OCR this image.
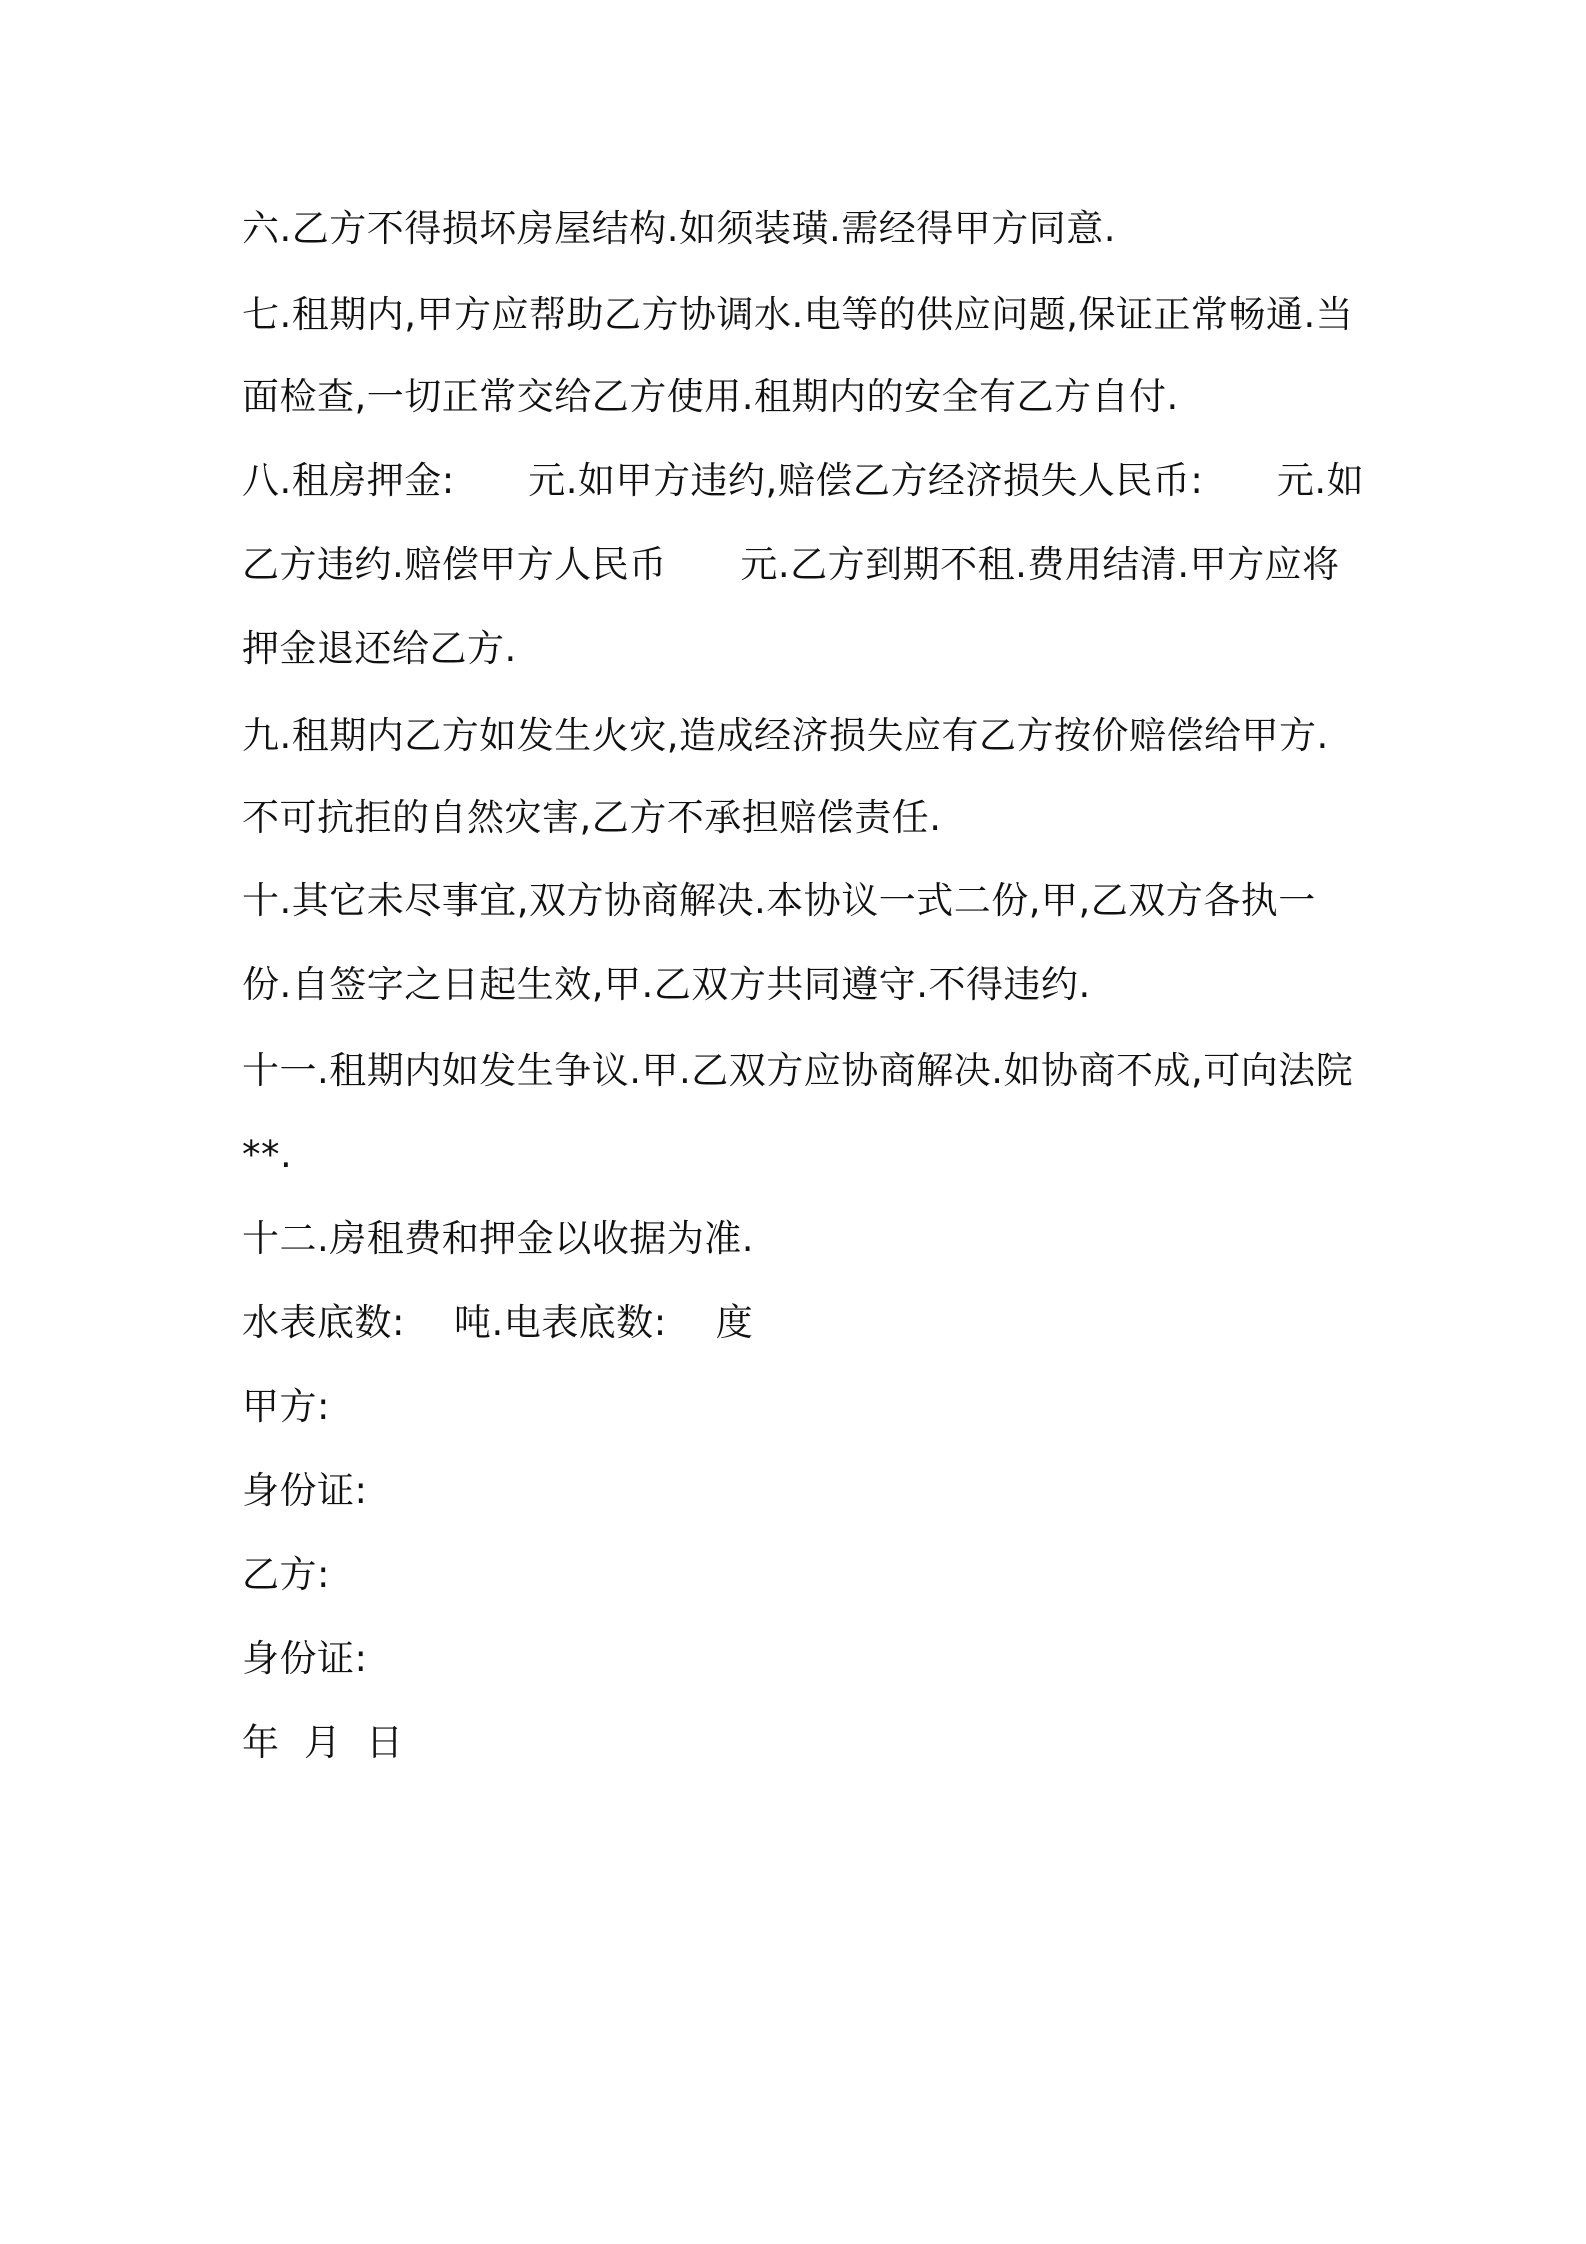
六.乙方不得损坏房屋结构.如须装璜.需经得甲方同意.
七.租期内,甲方应帮助乙方协调水.电等的供应问题,保证正常畅通.当
面检查,一切正常交给乙方使用.租期内的安全有乙方自付.
八.租房押金:      元.如甲方违约,赔偿乙方经济损失人民币:      元.如
乙方违约.赔偿甲方人民币      元.乙方到期不租.费用结清.甲方应将
押金退还给乙方.
九.租期内乙方如发生火灾,造成经济损失应有乙方按价赔偿给甲方.
不可抗拒的自然灾害,乙方不承担赔偿责任.
十.其它未尽事宜,双方协商解决.本协议一式二份,甲,乙双方各执一
份.自签字之日起生效,甲.乙双方共同遵守.不得违约.
十一.租期内如发生争议.甲.乙双方应协商解决.如协商不成,可向法院
**.
十二.房租费和押金以收据为准.
水表底数:    吨.电表底数:    度
甲方:
身份证:
乙方:
身份证:
年  月  日
